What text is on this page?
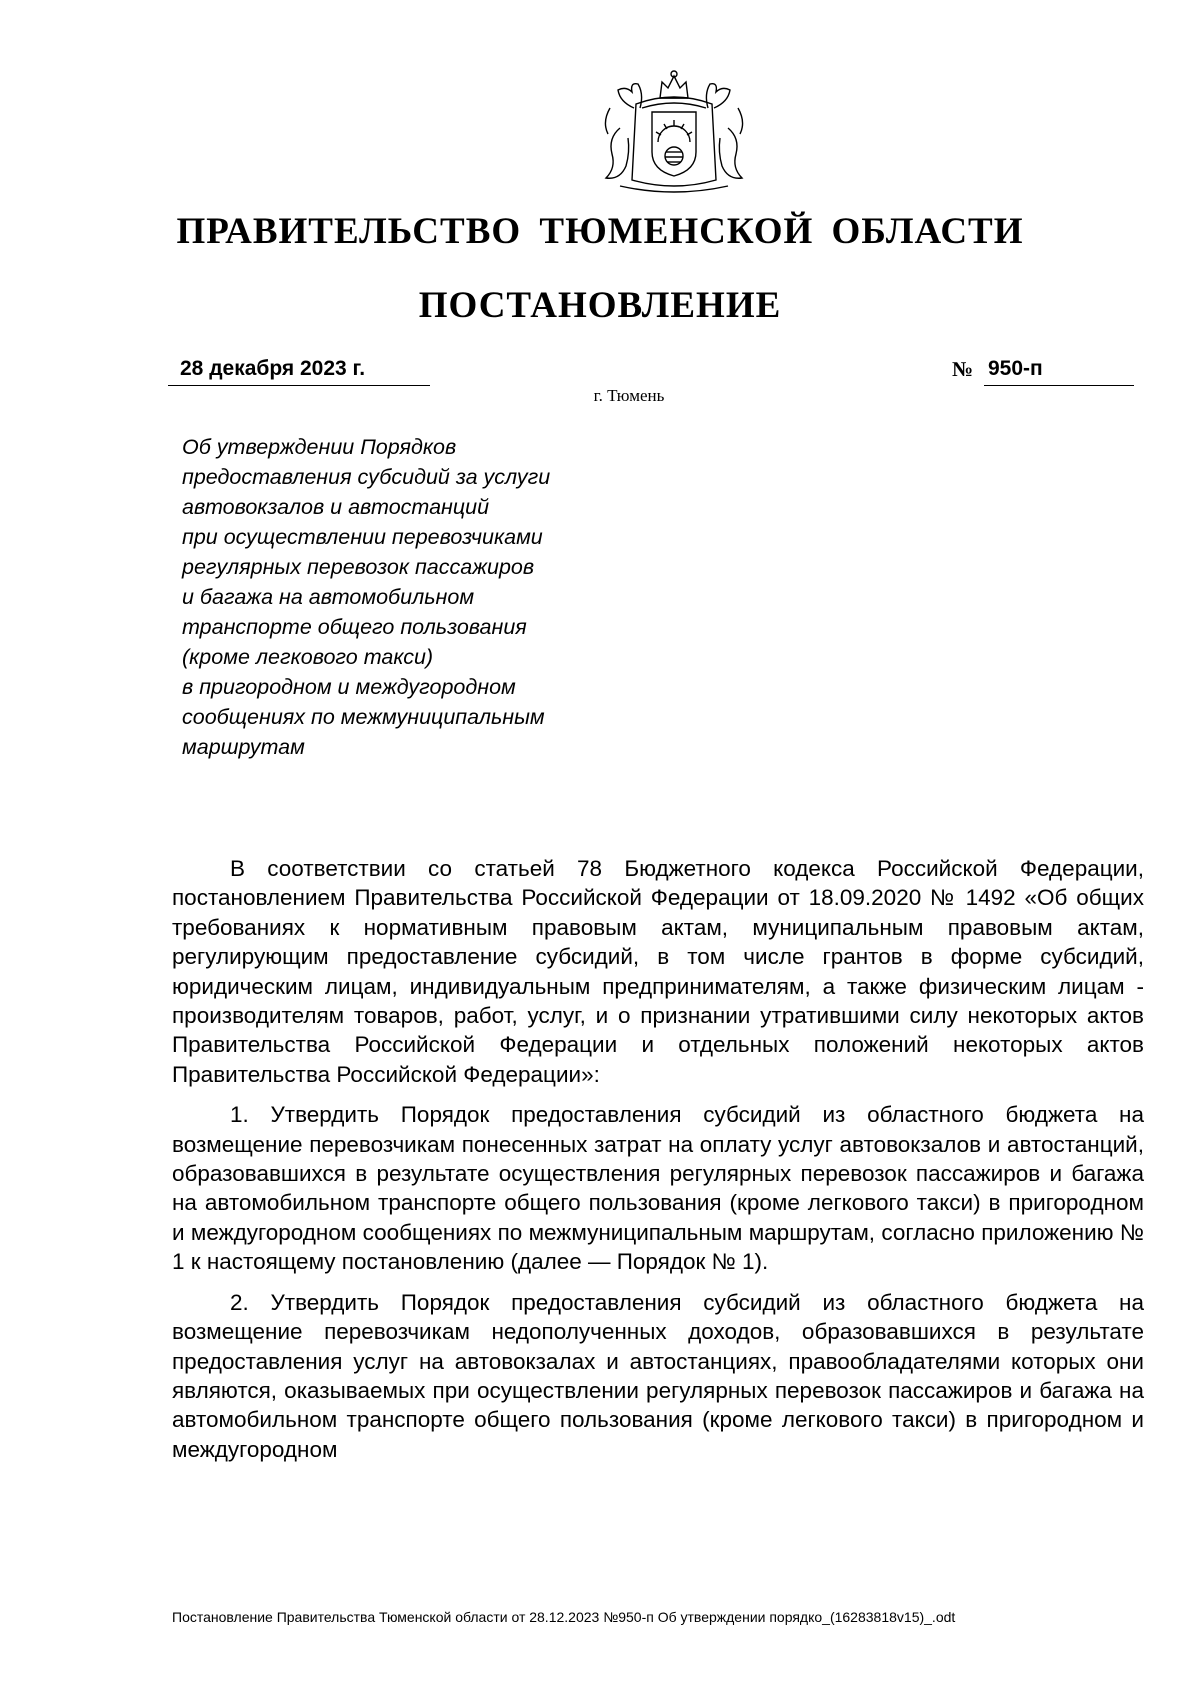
ПРАВИТЕЛЬСТВО ТЮМЕНСКОЙ ОБЛАСТИ
ПОСТАНОВЛЕНИЕ
28 декабря 2023 г.	№ 950-п
г. Тюмень
Об утверждении Порядков
предоставления субсидий за услуги
автовокзалов и автостанций
при осуществлении перевозчиками
регулярных перевозок пассажиров
и багажа на автомобильном
транспорте общего пользования
(кроме легкового такси)
в пригородном и междугородном
сообщениях по межмуниципальным
маршрутам

В соответствии со статьей 78 Бюджетного кодекса Российской Федерации, постановлением Правительства Российской Федерации от 18.09.2020 № 1492 «Об общих требованиях к нормативным правовым актам, муниципальным правовым актам, регулирующим предоставление субсидий, в том числе грантов в форме субсидий, юридическим лицам, индивидуальным предпринимателям, а также физическим лицам - производителям товаров, работ, услуг, и о признании утратившими силу некоторых актов Правительства Российской Федерации и отдельных положений некоторых актов Правительства Российской Федерации»:

1. Утвердить Порядок предоставления субсидий из областного бюджета на возмещение перевозчикам понесенных затрат на оплату услуг автовокзалов и автостанций, образовавшихся в результате осуществления регулярных перевозок пассажиров и багажа на автомобильном транспорте общего пользования (кроме легкового такси) в пригородном и междугородном сообщениях по межмуниципальным маршрутам, согласно приложению № 1 к настоящему постановлению (далее — Порядок № 1).

2. Утвердить Порядок предоставления субсидий из областного бюджета на возмещение перевозчикам недополученных доходов, образовавшихся в результате предоставления услуг на автовокзалах и автостанциях, правообладателями которых они являются, оказываемых при осуществлении регулярных перевозок пассажиров и багажа на автомобильном транспорте общего пользования (кроме легкового такси) в пригородном и междугородном

Постановление Правительства Тюменской области от 28.12.2023 №950-п Об утверждении порядко_(16283818v15)_.odt
